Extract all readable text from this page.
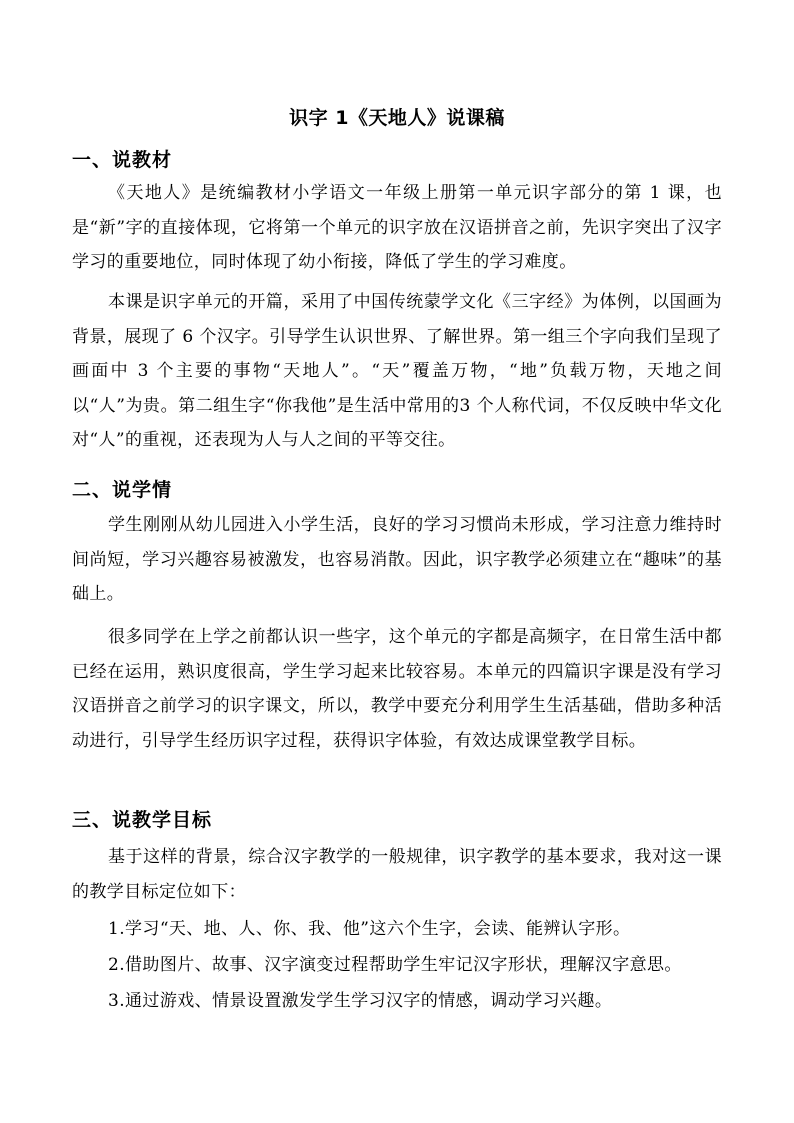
识字 1《天地人》说课稿
一、说教材
《天地人》是统编教材小学语文一年级上册第一单元识字部分的第 1 课，也是“新”字的直接体现，它将第一个单元的识字放在汉语拼音之前，先识字突出了汉字学习的重要地位，同时体现了幼小衔接，降低了学生的学习难度。
本课是识字单元的开篇，采用了中国传统蒙学文化《三字经》为体例，以国画为背景，展现了 6 个汉字。引导学生认识世界、了解世界。第一组三个字向我们呈现了画面中 3 个主要的事物“天地人”。“天”覆盖万物，“地”负载万物，天地之间以“人”为贵。第二组生字“你我他”是生活中常用的3 个人称代词，不仅反映中华文化对“人”的重视，还表现为人与人之间的平等交往。
二、说学情
学生刚刚从幼儿园进入小学生活，良好的学习习惯尚未形成，学习注意力维持时间尚短，学习兴趣容易被激发，也容易消散。因此，识字教学必须建立在“趣味”的基础上。
很多同学在上学之前都认识一些字，这个单元的字都是高频字，在日常生活中都已经在运用，熟识度很高，学生学习起来比较容易。本单元的四篇识字课是没有学习汉语拼音之前学习的识字课文，所以，教学中要充分利用学生生活基础，借助多种活动进行，引导学生经历识字过程，获得识字体验，有效达成课堂教学目标。
三、说教学目标
基于这样的背景，综合汉字教学的一般规律，识字教学的基本要求，我对这一课的教学目标定位如下：
1.学习“天、地、人、你、我、他”这六个生字，会读、能辨认字形。
2.借助图片、故事、汉字演变过程帮助学生牢记汉字形状，理解汉字意思。
3.通过游戏、情景设置激发学生学习汉字的情感，调动学习兴趣。
